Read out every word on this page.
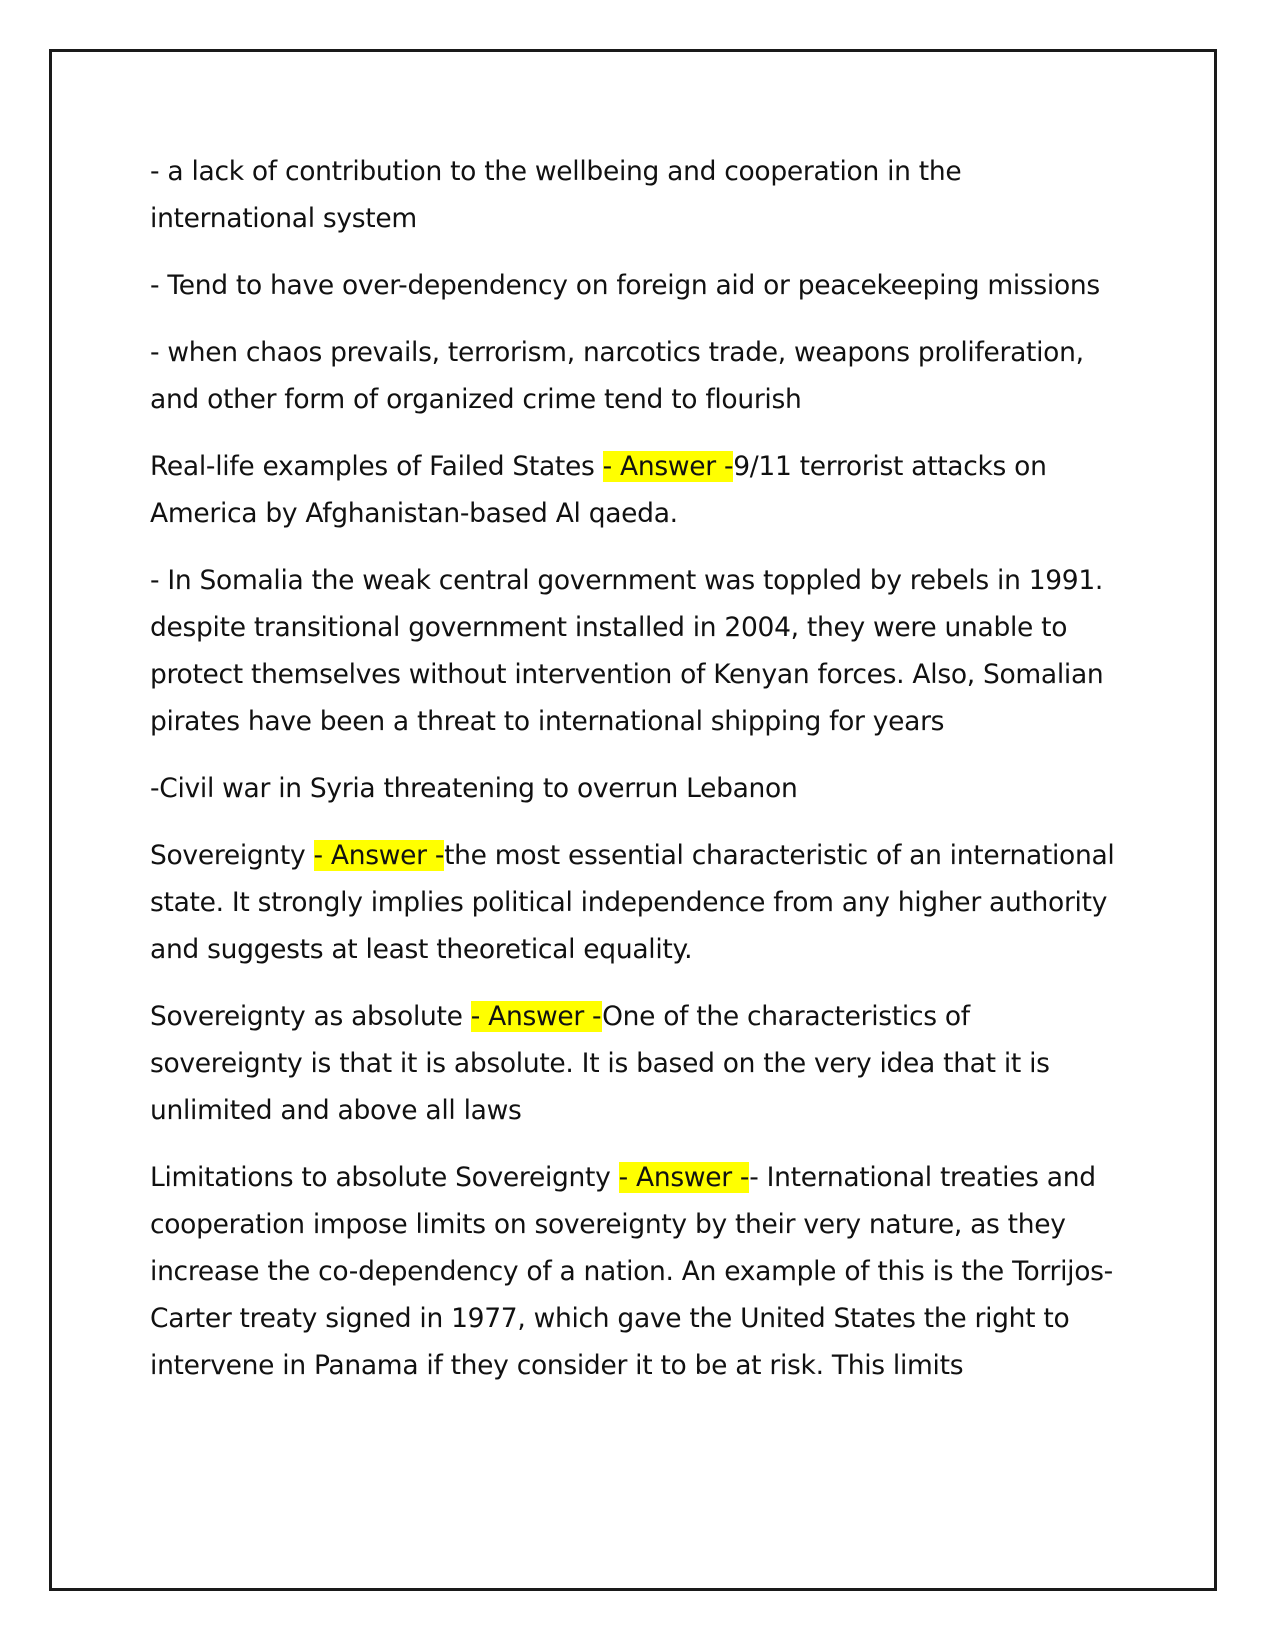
- a lack of contribution to the wellbeing and cooperation in the international system

- Tend to have over-dependency on foreign aid or peacekeeping missions

- when chaos prevails, terrorism, narcotics trade, weapons proliferation, and other form of organized crime tend to flourish

Real-life examples of Failed States - Answer -9/11 terrorist attacks on America by Afghanistan-based Al qaeda.

- In Somalia the weak central government was toppled by rebels in 1991. despite transitional government installed in 2004, they were unable to protect themselves without intervention of Kenyan forces. Also, Somalian pirates have been a threat to international shipping for years

-Civil war in Syria threatening to overrun Lebanon

Sovereignty - Answer -the most essential characteristic of an international state. It strongly implies political independence from any higher authority and suggests at least theoretical equality.

Sovereignty as absolute - Answer -One of the characteristics of sovereignty is that it is absolute. It is based on the very idea that it is unlimited and above all laws

Limitations to absolute Sovereignty - Answer -- International treaties and cooperation impose limits on sovereignty by their very nature, as they increase the co-dependency of a nation. An example of this is the Torrijos-Carter treaty signed in 1977, which gave the United States the right to intervene in Panama if they consider it to be at risk. This limits
